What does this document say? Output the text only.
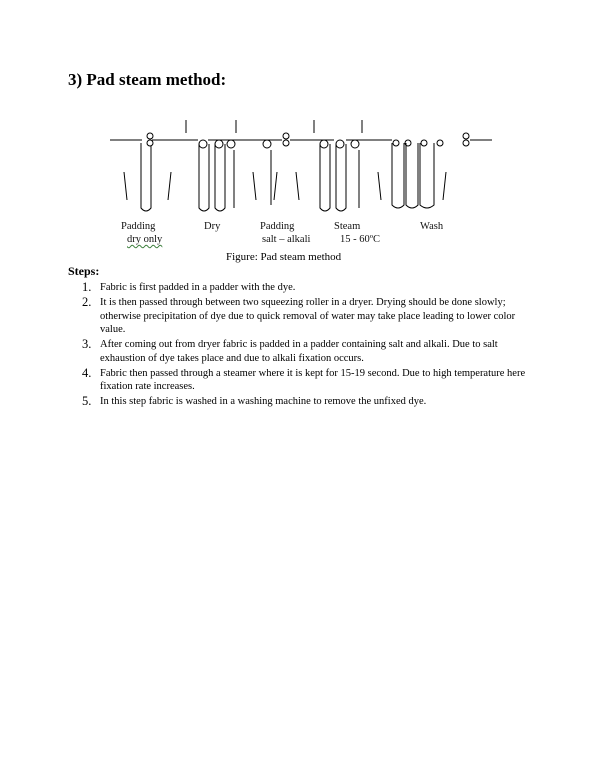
3) Pad steam method:
Padding
dry only
Dry	Padding
salt – alkali
Steam
15 - 60ºC
Wash
Figure: Pad steam method
Steps:
1. Fabric is first padded in a padder with the dye.
2. It is then passed through between two squeezing roller in a dryer. Drying should be done slowly; otherwise precipitation of dye due to quick removal of water may take place leading to lower color value.
3. After coming out from dryer fabric is padded in a padder containing salt and alkali. Due to salt exhaustion of dye takes place and due to alkali fixation occurs.
4. Fabric then passed through a steamer where it is kept for 15-19 second. Due to high temperature here fixation rate increases.
5. In this step fabric is washed in a washing machine to remove the unfixed dye.
